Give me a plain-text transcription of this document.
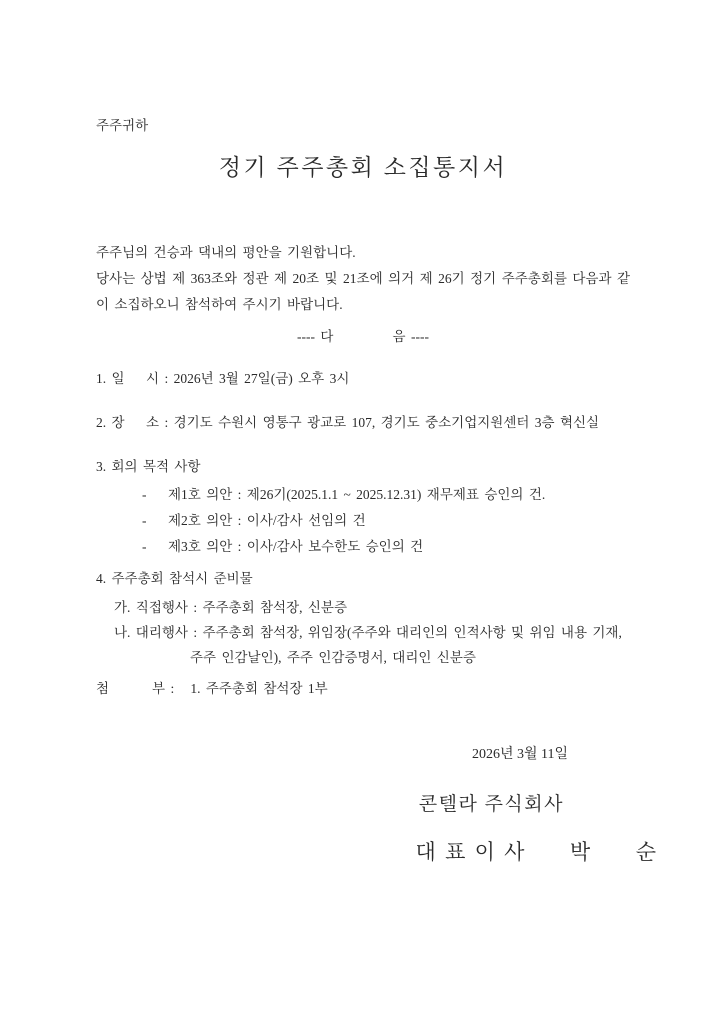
주주귀하
정기 주주총회 소집통지서
주주님의 건승과 댁내의 평안을 기원합니다.
당사는 상법 제 363조와 정관 제 20조 및 21조에 의거 제 26기 정기 주주총회를 다음과 같이 소집하오니 참석하여 주시기 바랍니다.
---- 다           음 ----
1. 일    시 : 2026년 3월 27일(금) 오후 3시
2. 장    소 : 경기도 수원시 영통구 광교로 107, 경기도 중소기업지원센터 3층 혁신실
3. 회의 목적 사항
-    제1호 의안 : 제26기(2025.1.1 ~ 2025.12.31) 재무제표 승인의 건.
-    제2호 의안 : 이사/감사 선임의 건
-    제3호 의안 : 이사/감사 보수한도 승인의 건
4. 주주총회 참석시 준비물
가. 직접행사 : 주주총회 참석장, 신분증
나. 대리행사 : 주주총회 참석장, 위임장(주주와 대리인의 인적사항 및 위임 내용 기재,
주주 인감날인), 주주 인감증명서, 대리인 신분증
첨        부 :   1. 주주총회 참석장 1부
2026년 3월 11일
콘텔라 주식회사
대 표 이 사      박      순
